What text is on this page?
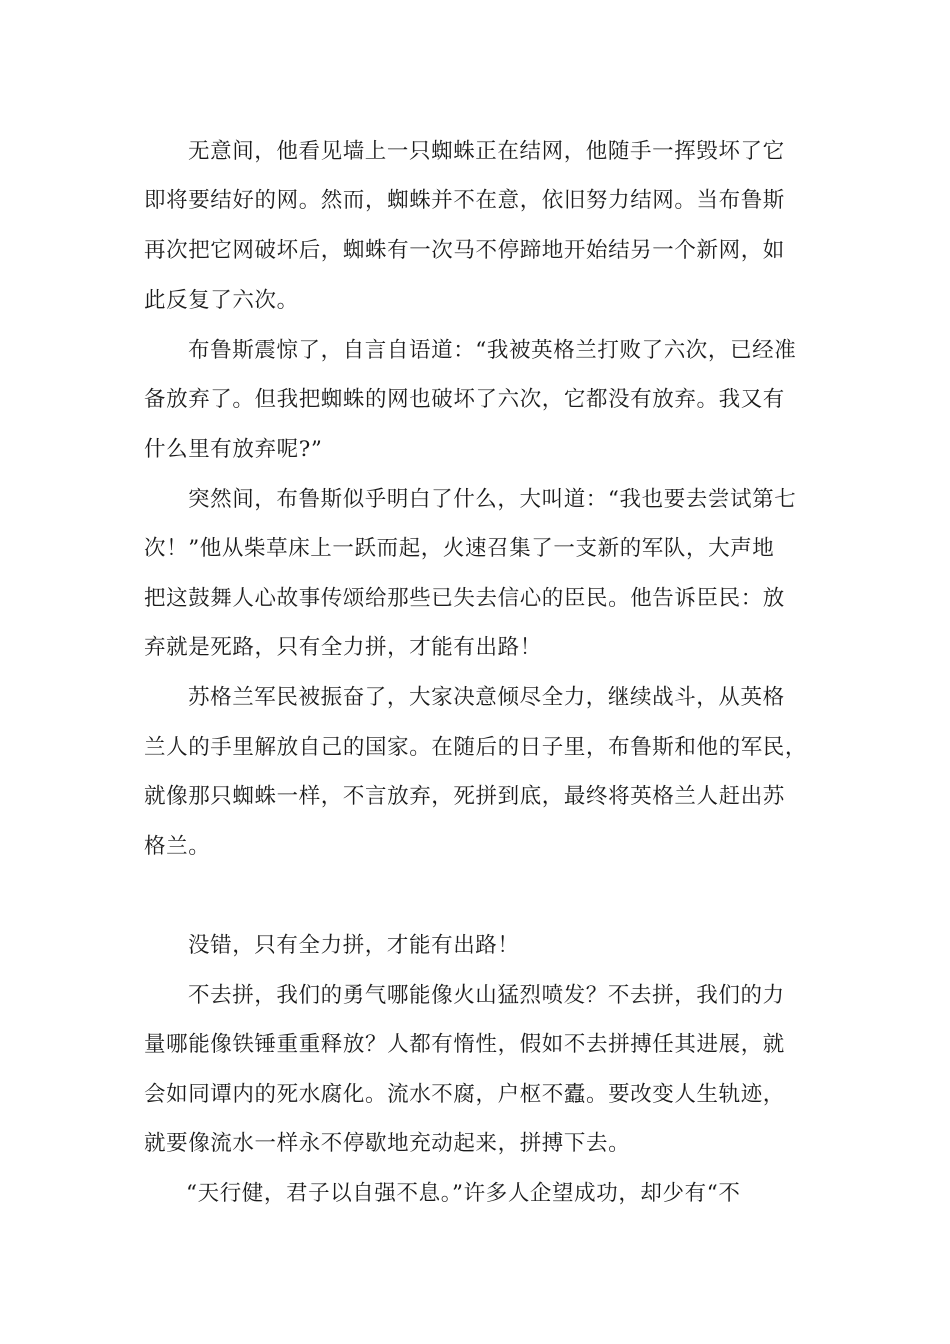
无意间，他看见墙上一只蜘蛛正在结网，他随手一挥毁坏了它
即将要结好的网。然而，蜘蛛并不在意，依旧努力结网。当布鲁斯
再次把它网破坏后，蜘蛛有一次马不停蹄地开始结另一个新网，如
此反复了六次。
布鲁斯震惊了，自言自语道：“我被英格兰打败了六次，已经准
备放弃了。但我把蜘蛛的网也破坏了六次，它都没有放弃。我又有
什么里有放弃呢?”
突然间，布鲁斯似乎明白了什么，大叫道：“我也要去尝试第七
次！”他从柴草床上一跃而起，火速召集了一支新的军队，大声地
把这鼓舞人心故事传颂给那些已失去信心的臣民。他告诉臣民：放
弃就是死路，只有全力拼，才能有出路！
苏格兰军民被振奋了，大家决意倾尽全力，继续战斗，从英格
兰人的手里解放自己的国家。在随后的日子里，布鲁斯和他的军民，
就像那只蜘蛛一样，不言放弃，死拼到底，最终将英格兰人赶出苏
格兰。
没错，只有全力拼，才能有出路！
不去拼，我们的勇气哪能像火山猛烈喷发？不去拼，我们的力
量哪能像铁锤重重释放？人都有惰性，假如不去拼搏任其进展，就
会如同谭内的死水腐化。流水不腐，户枢不蠹。要改变人生轨迹，
就要像流水一样永不停歇地充动起来，拼搏下去。
“天行健，君子以自强不息。”许多人企望成功，却少有“不
